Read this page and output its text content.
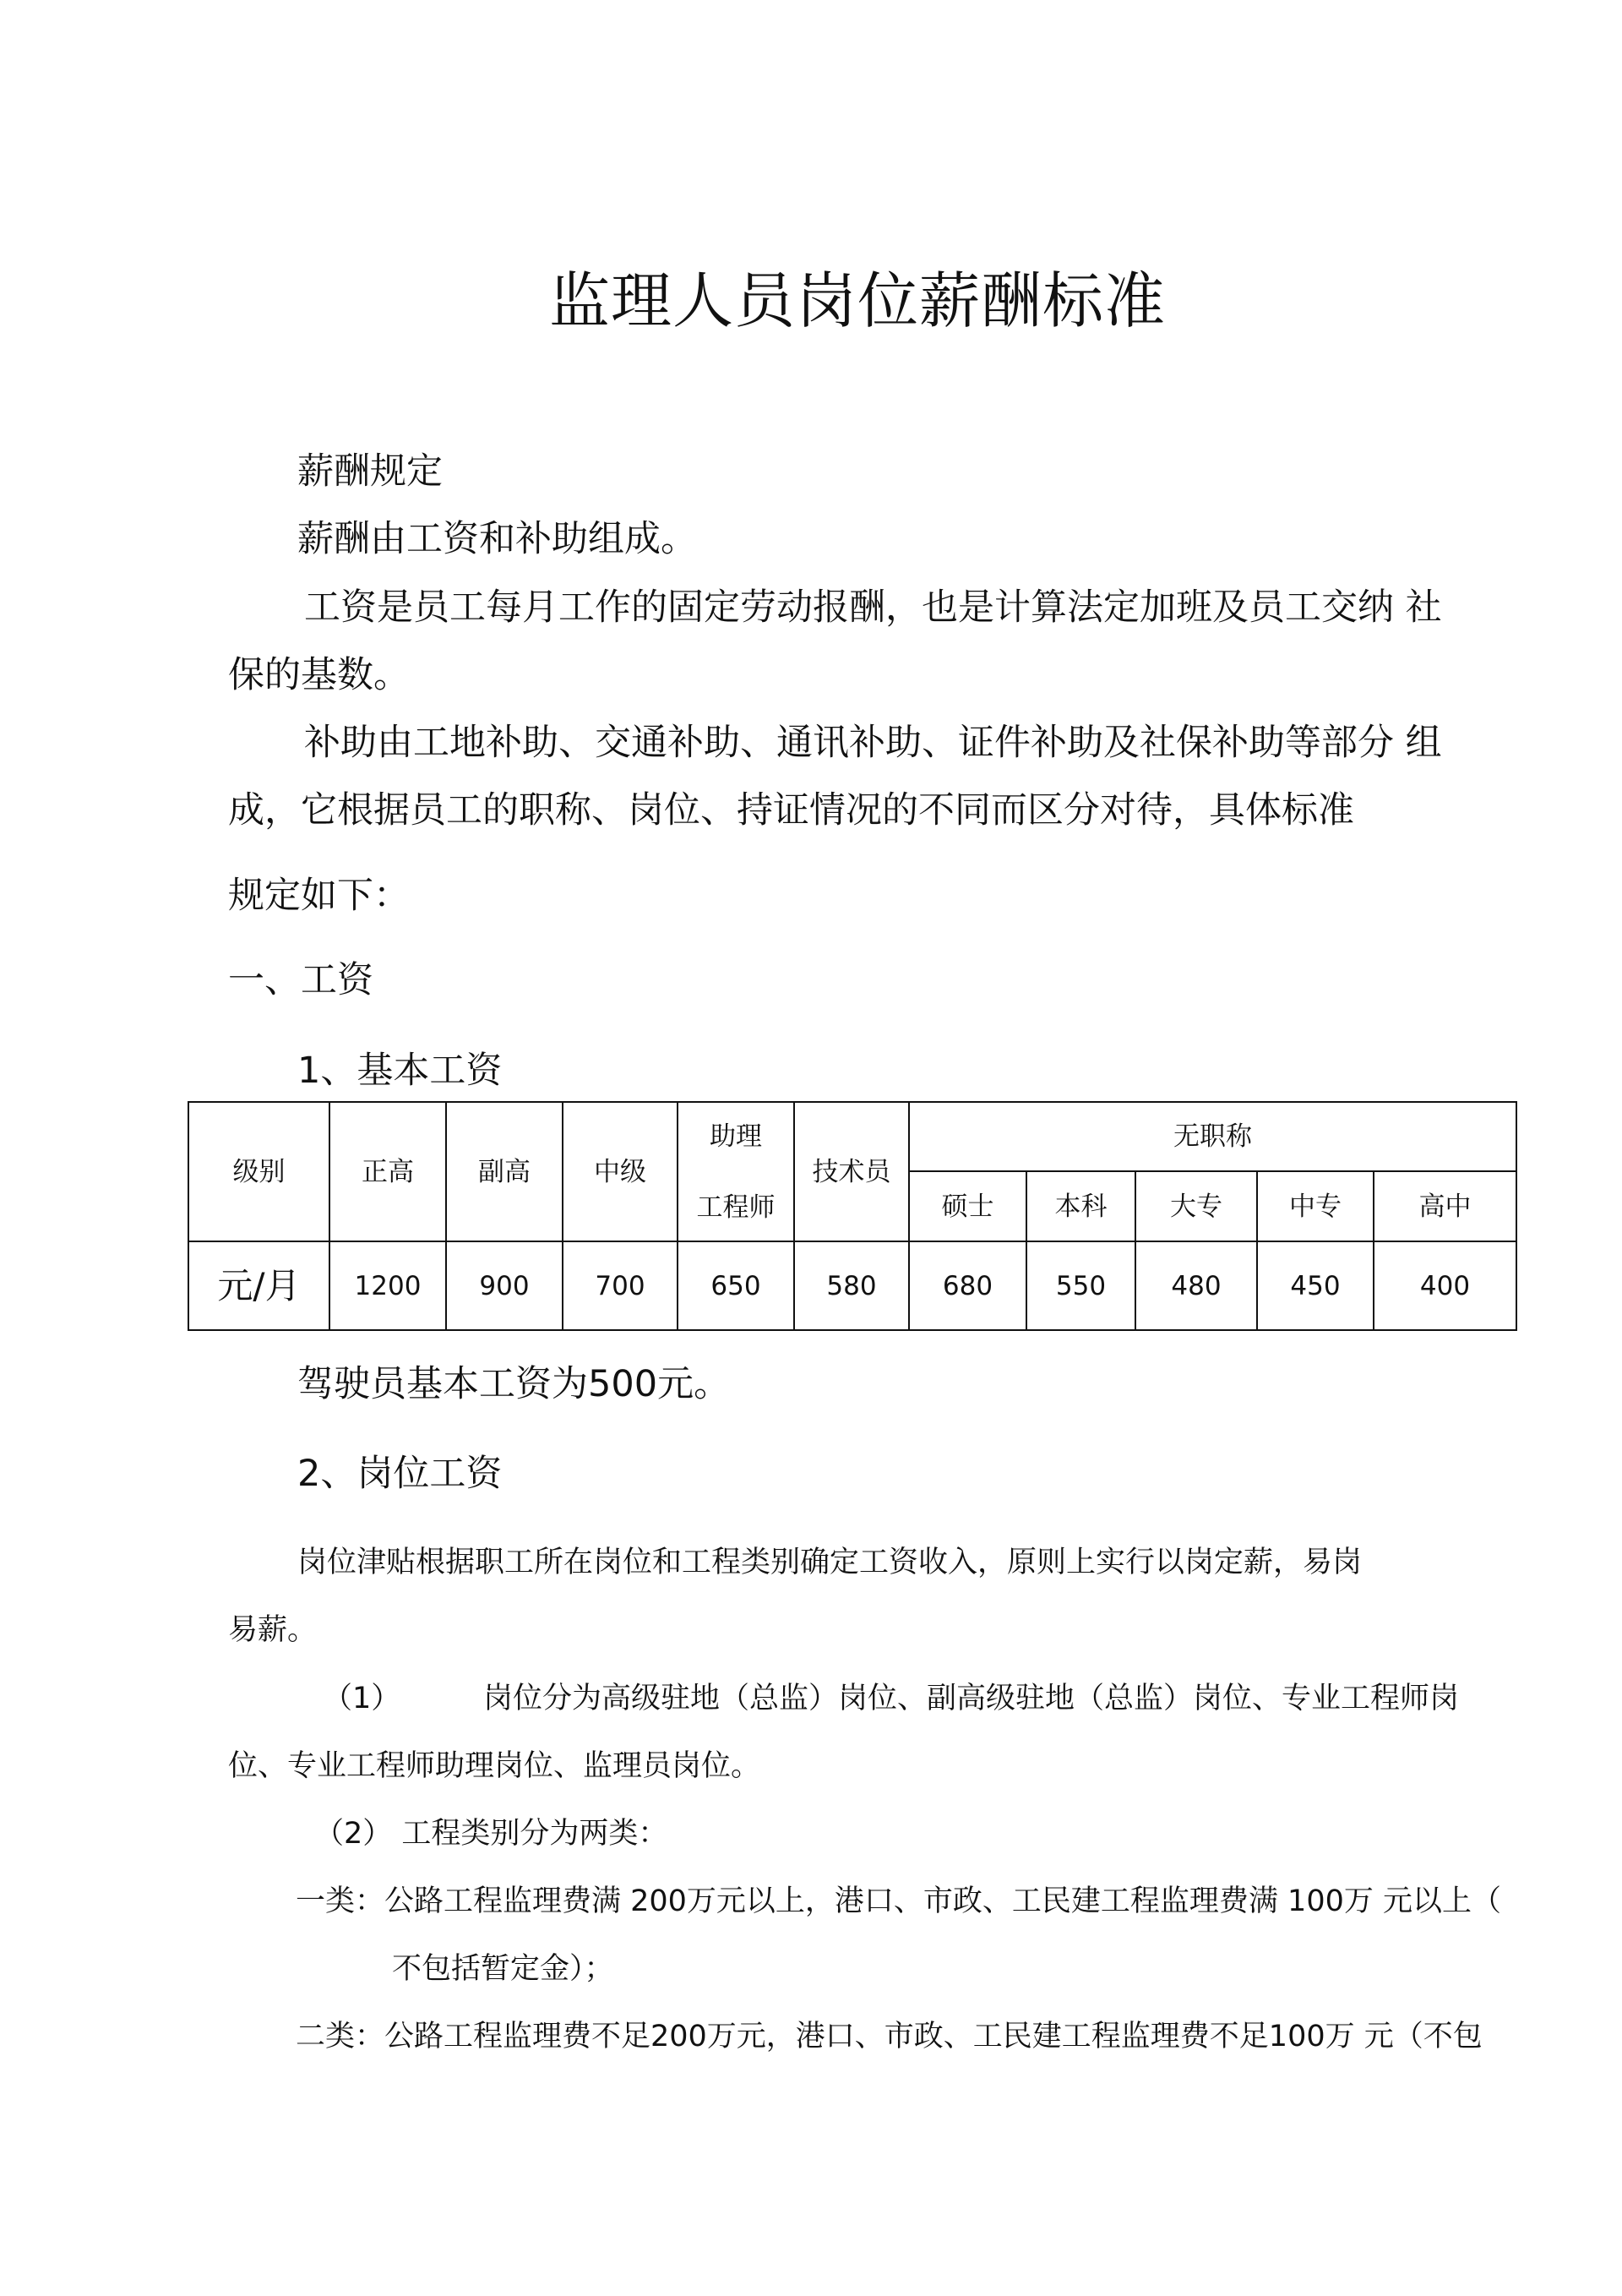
监理人员岗位薪酬标准
薪酬规定
薪酬由工资和补助组成。
工资是员工每月工作的固定劳动报酬，也是计算法定加班及员工交纳 社
保的基数。
补助由工地补助、交通补助、通讯补助、证件补助及社保补助等部分 组
成，它根据员工的职称、岗位、持证情况的不同而区分对待，具体标准
规定如下：
一、工资
1、基本工资
级别	正高	副高	中级	助理
工程师	技术员	无职称				
						硕士	本科	大专	中专	高中
元/月	1200	900	700	650	580	680	550	480	450	400
驾驶员基本工资为500元。
2、岗位工资
岗位津贴根据职工所在岗位和工程类别确定工资收入，原则上实行以岗定薪，易岗
易薪。
（1）	岗位分为高级驻地（总监）岗位、副高级驻地（总监）岗位、专业工程师岗
位、专业工程师助理岗位、监理员岗位。
（2） 工程类别分为两类：
一类：公路工程监理费满 200万元以上，港口、市政、工民建工程监理费满 100万 元以上（
不包括暂定金）；
二类：公路工程监理费不足200万元，港口、市政、工民建工程监理费不足100万 元（不包
